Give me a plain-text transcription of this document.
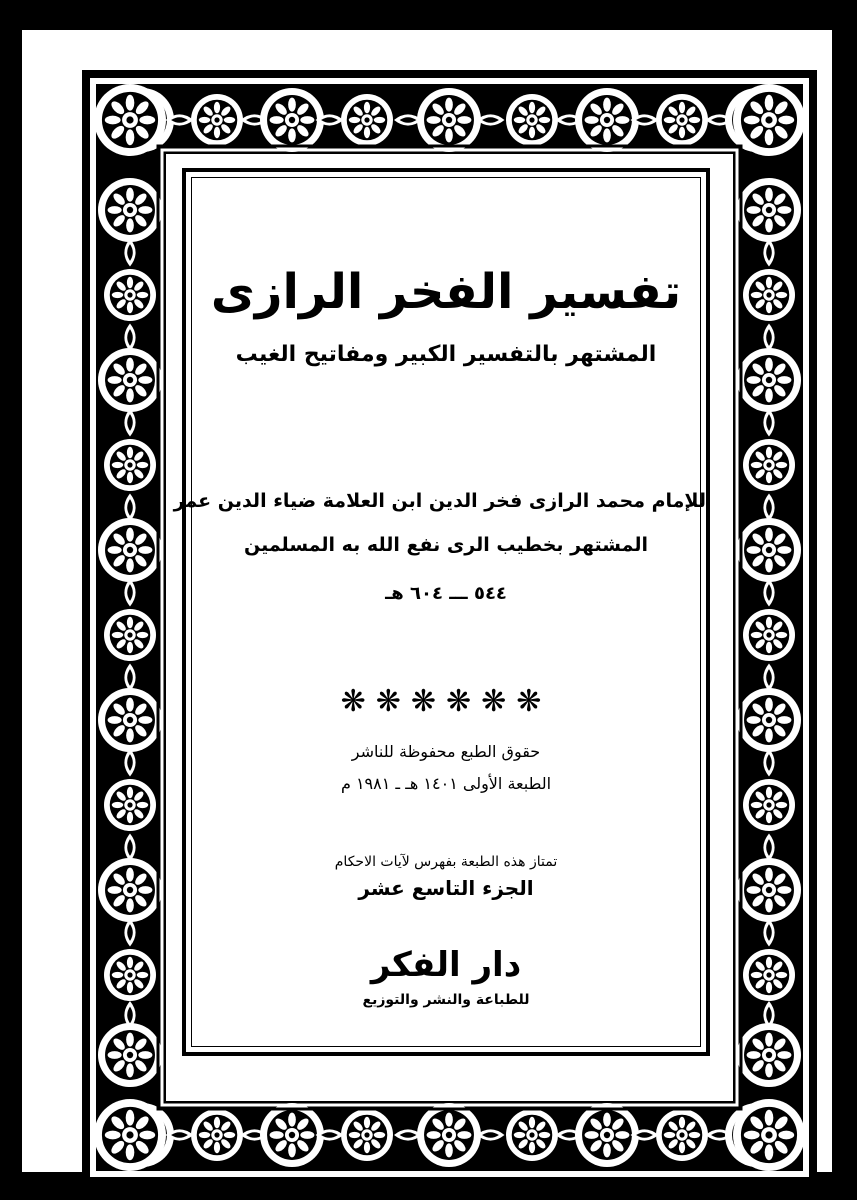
تفسير الفخر الرازى
المشتهر بالتفسير الكبير ومفاتيح الغيب
للإمام محمد الرازى فخر الدين ابن العلامة ضياء الدين عمر
المشتهر بخطيب الرى نفع الله به المسلمين
٥٤٤ ـــ ٦٠٤ هـ
❋❋❋❋❋❋
حقوق الطبع محفوظة للناشر
الطبعة الأولى ١٤٠١ هـ ـ ١٩٨١ م
تمتاز هذه الطبعة بفهرس لآيات الاحكام
الجزء التاسع عشر
دار الفكر
للطباعة والنشر والتوزيع
